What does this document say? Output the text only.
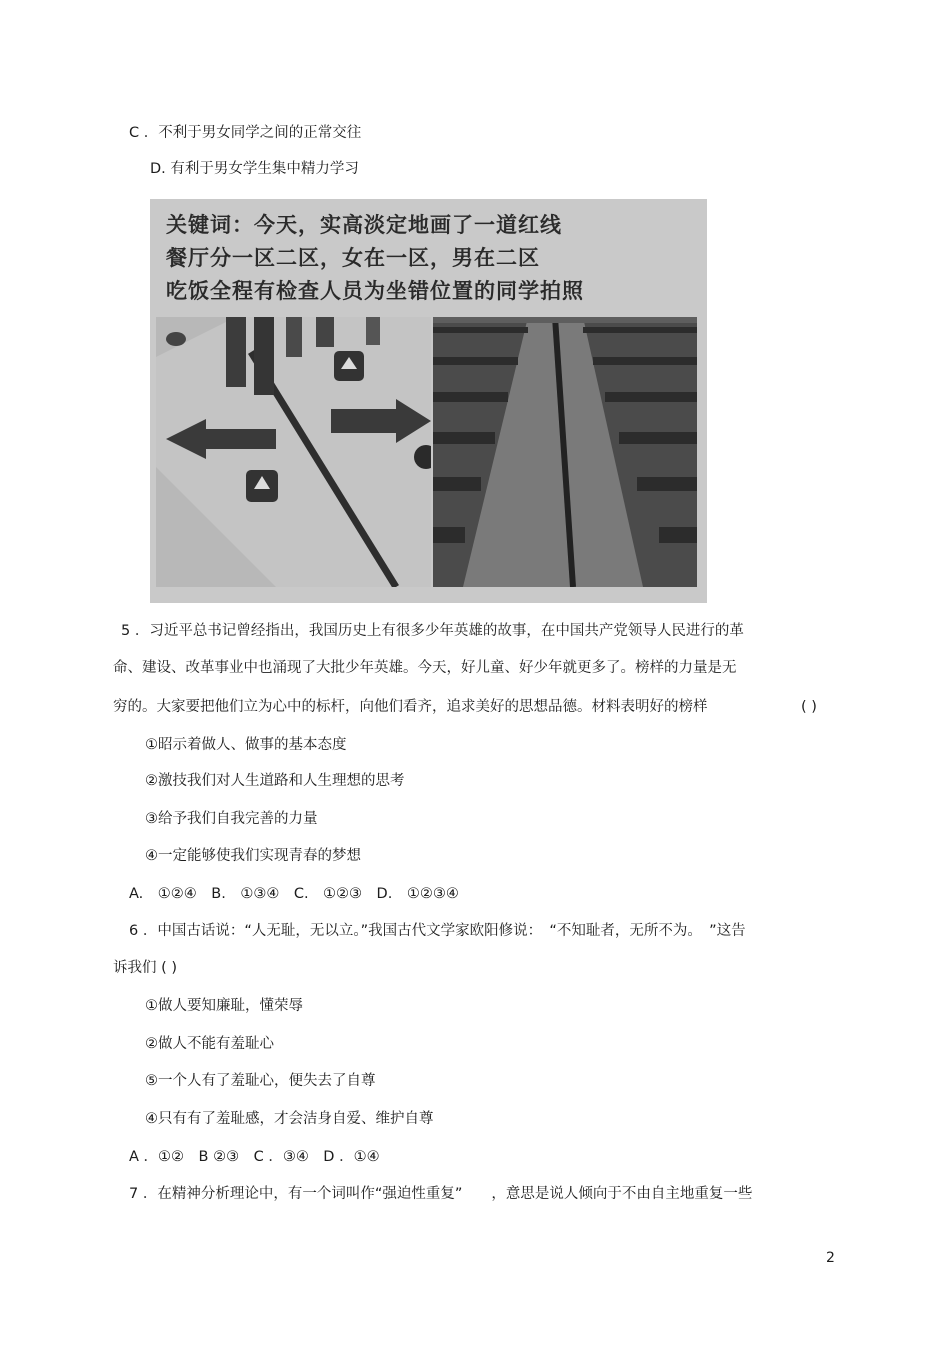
C ．不利于男女同学之间的正常交往
D. 有利于男女学生集中精力学习
关键词：今天，实高淡定地画了一道红线
餐厅分一区二区，女在一区，男在二区
吃饭全程有检查人员为坐错位置的同学拍照
5 ．习近平总书记曾经指出，我国历史上有很多少年英雄的故事，在中国共产党领导人民进行的革
命、建设、改革事业中也涌现了大批少年英雄。今天，好儿童、好少年就更多了。榜样的力量是无
穷的。大家要把他们立为心中的标杆，向他们看齐，追求美好的思想品德。材料表明好的榜样	( )
①昭示着做人、做事的基本态度
②激技我们对人生道路和人生理想的思考
③给予我们自我完善的力量
④一定能够使我们实现青春的梦想
A.　①②④　B.　①③④　C.　①②③　D.　①②③④
6 ．中国古话说：“人无耻，无以立。”我国古代文学家欧阳修说：　“不知耻者，无所不为。　”这告
诉我们 ( )
①做人要知廉耻，懂荣辱
②做人不能有羞耻心
⑤一个人有了羞耻心，便失去了自尊
④只有有了羞耻感，才会洁身自爱、维护自尊
A ．①②　B ②③　C ．③④　D ．①④
7 ．在精神分析理论中，有一个词叫作“强迫性重复”　　，意思是说人倾向于不由自主地重复一些
2
